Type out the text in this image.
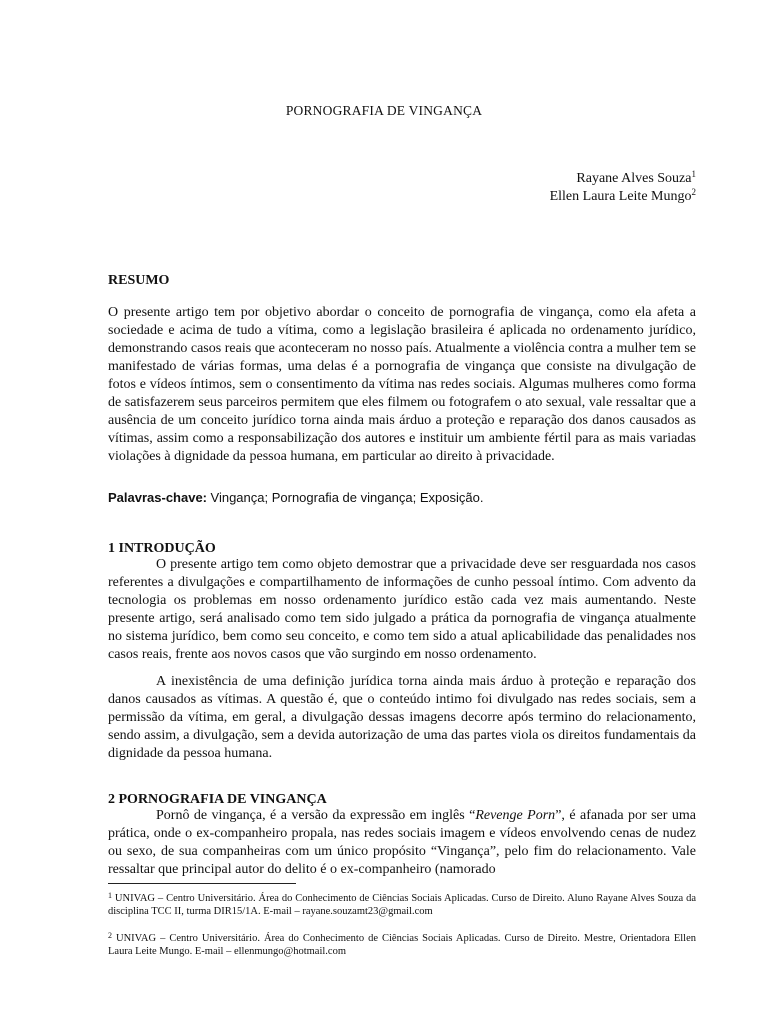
PORNOGRAFIA DE VINGANÇA
Rayane Alves Souza$^1$
Ellen Laura Leite Mungo$^2$
RESUMO

O presente artigo tem por objetivo abordar o conceito de pornografia de vingança, como ela afeta a sociedade e acima de tudo a vítima, como a legislação brasileira é aplicada no ordenamento jurídico, demonstrando casos reais que aconteceram no nosso país. Atualmente a violência contra a mulher tem se manifestado de várias formas, uma delas é a pornografia de vingança que consiste na divulgação de fotos e vídeos íntimos, sem o consentimento da vítima nas redes sociais. Algumas mulheres como forma de satisfazerem seus parceiros permitem que eles filmem ou fotografem o ato sexual, vale ressaltar que a ausência de um conceito jurídico torna ainda mais árduo a proteção e reparação dos danos causados as vítimas, assim como a responsabilização dos autores e instituir um ambiente fértil para as mais variadas violações à dignidade da pessoa humana, em particular ao direito à privacidade.

Palavras-chave: Vingança; Pornografia de vingança; Exposição.

1 INTRODUÇÃO

O presente artigo tem como objeto demostrar que a privacidade deve ser resguardada nos casos referentes a divulgações e compartilhamento de informações de cunho pessoal íntimo. Com advento da tecnologia os problemas em nosso ordenamento jurídico estão cada vez mais aumentando. Neste presente artigo, será analisado como tem sido julgado a prática da pornografia de vingança atualmente no sistema jurídico, bem como seu conceito, e como tem sido a atual aplicabilidade das penalidades nos casos reais, frente aos novos casos que vão surgindo em nosso ordenamento.

A inexistência de uma definição jurídica torna ainda mais árduo à proteção e reparação dos danos causados as vítimas. A questão é, que o conteúdo intimo foi divulgado nas redes sociais, sem a permissão da vítima, em geral, a divulgação dessas imagens decorre após termino do relacionamento, sendo assim, a divulgação, sem a devida autorização de uma das partes viola os direitos fundamentais da dignidade da pessoa humana.

2 PORNOGRAFIA DE VINGANÇA

Pornô de vingança, é a versão da expressão em inglês “Revenge Porn”, é afanada por ser uma prática, onde o ex-companheiro propala, nas redes sociais imagem e vídeos envolvendo cenas de nudez ou sexo, de sua companheiras com um único propósito “Vingança”, pelo fim do relacionamento. Vale ressaltar que principal autor do delito é o ex-companheiro (namorado

$^1$ UNIVAG – Centro Universitário. Área do Conhecimento de Ciências Sociais Aplicadas. Curso de Direito. Aluno Rayane Alves Souza da disciplina TCC II, turma DIR15/1A. E-mail – rayane.souzamt23@gmail.com

$^2$ UNIVAG – Centro Universitário. Área do Conhecimento de Ciências Sociais Aplicadas. Curso de Direito. Mestre, Orientadora Ellen Laura Leite Mungo. E-mail – ellenmungo@hotmail.com
